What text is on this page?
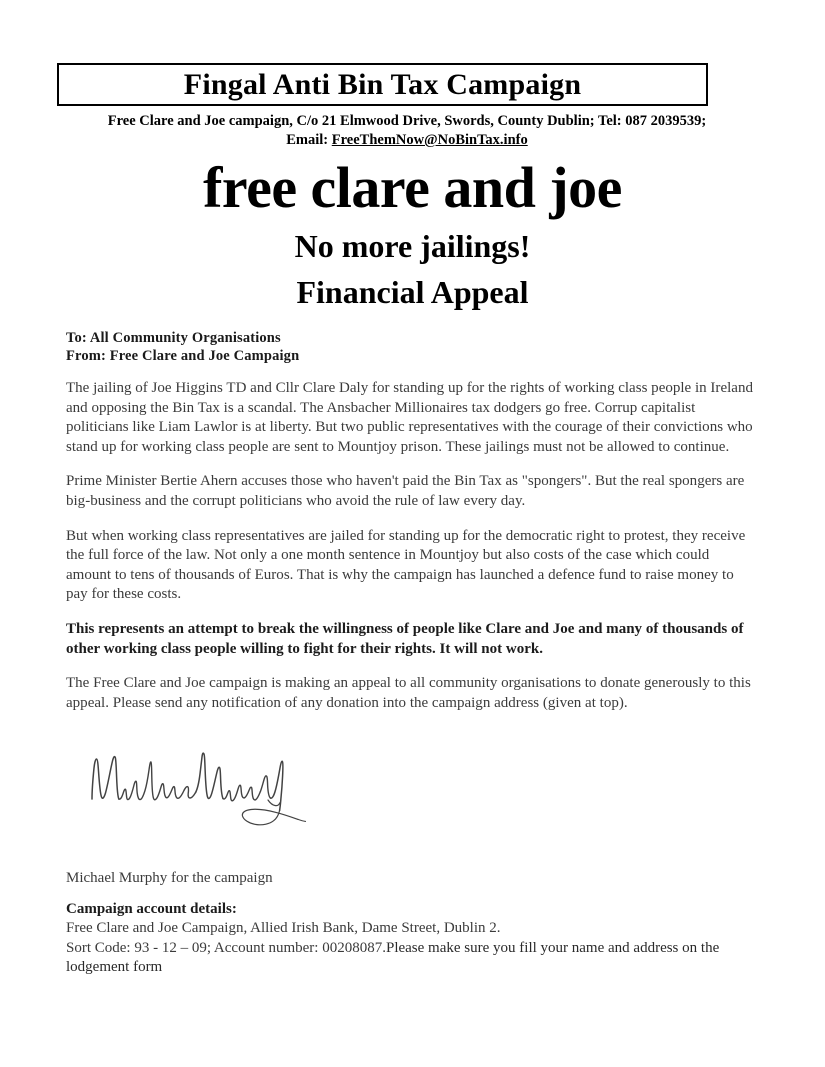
Fingal Anti Bin Tax Campaign
Free Clare and Joe campaign, C/o 21 Elmwood Drive, Swords, County Dublin; Tel: 087 2039539;
Email: FreeThemNow@NoBinTax.info
free clare and joe
No more jailings!
Financial Appeal
To: All Community Organisations
From: Free Clare and Joe Campaign

The jailing of Joe Higgins TD and Cllr Clare Daly for standing up for the rights of working class people in Ireland and opposing the Bin Tax is a scandal. The Ansbacher Millionaires tax dodgers go free. Corrup capitalist politicians like Liam Lawlor is at liberty. But two public representatives with the courage of their convictions who stand up for working class people are sent to Mountjoy prison. These jailings must not be allowed to continue.

Prime Minister Bertie Ahern accuses those who haven't paid the Bin Tax as "spongers". But the real spongers are big-business and the corrupt politicians who avoid the rule of law every day.

But when working class representatives are jailed for standing up for the democratic right to protest, they receive the full force of the law. Not only a one month sentence in Mountjoy but also costs of the case which could amount to tens of thousands of Euros. That is why the campaign has launched a defence fund to raise money to pay for these costs.

This represents an attempt to break the willingness of people like Clare and Joe and many of thousands of other working class people willing to fight for their rights. It will not work.

The Free Clare and Joe campaign is making an appeal to all community organisations to donate generously to this appeal. Please send any notification of any donation into the campaign address (given at top).

Michael Murphy for the campaign
Campaign account details:
Free Clare and Joe Campaign, Allied Irish Bank, Dame Street, Dublin 2.
Sort Code: 93 - 12 – 09; Account number: 00208087.Please make sure you fill your name and address on the lodgement form
